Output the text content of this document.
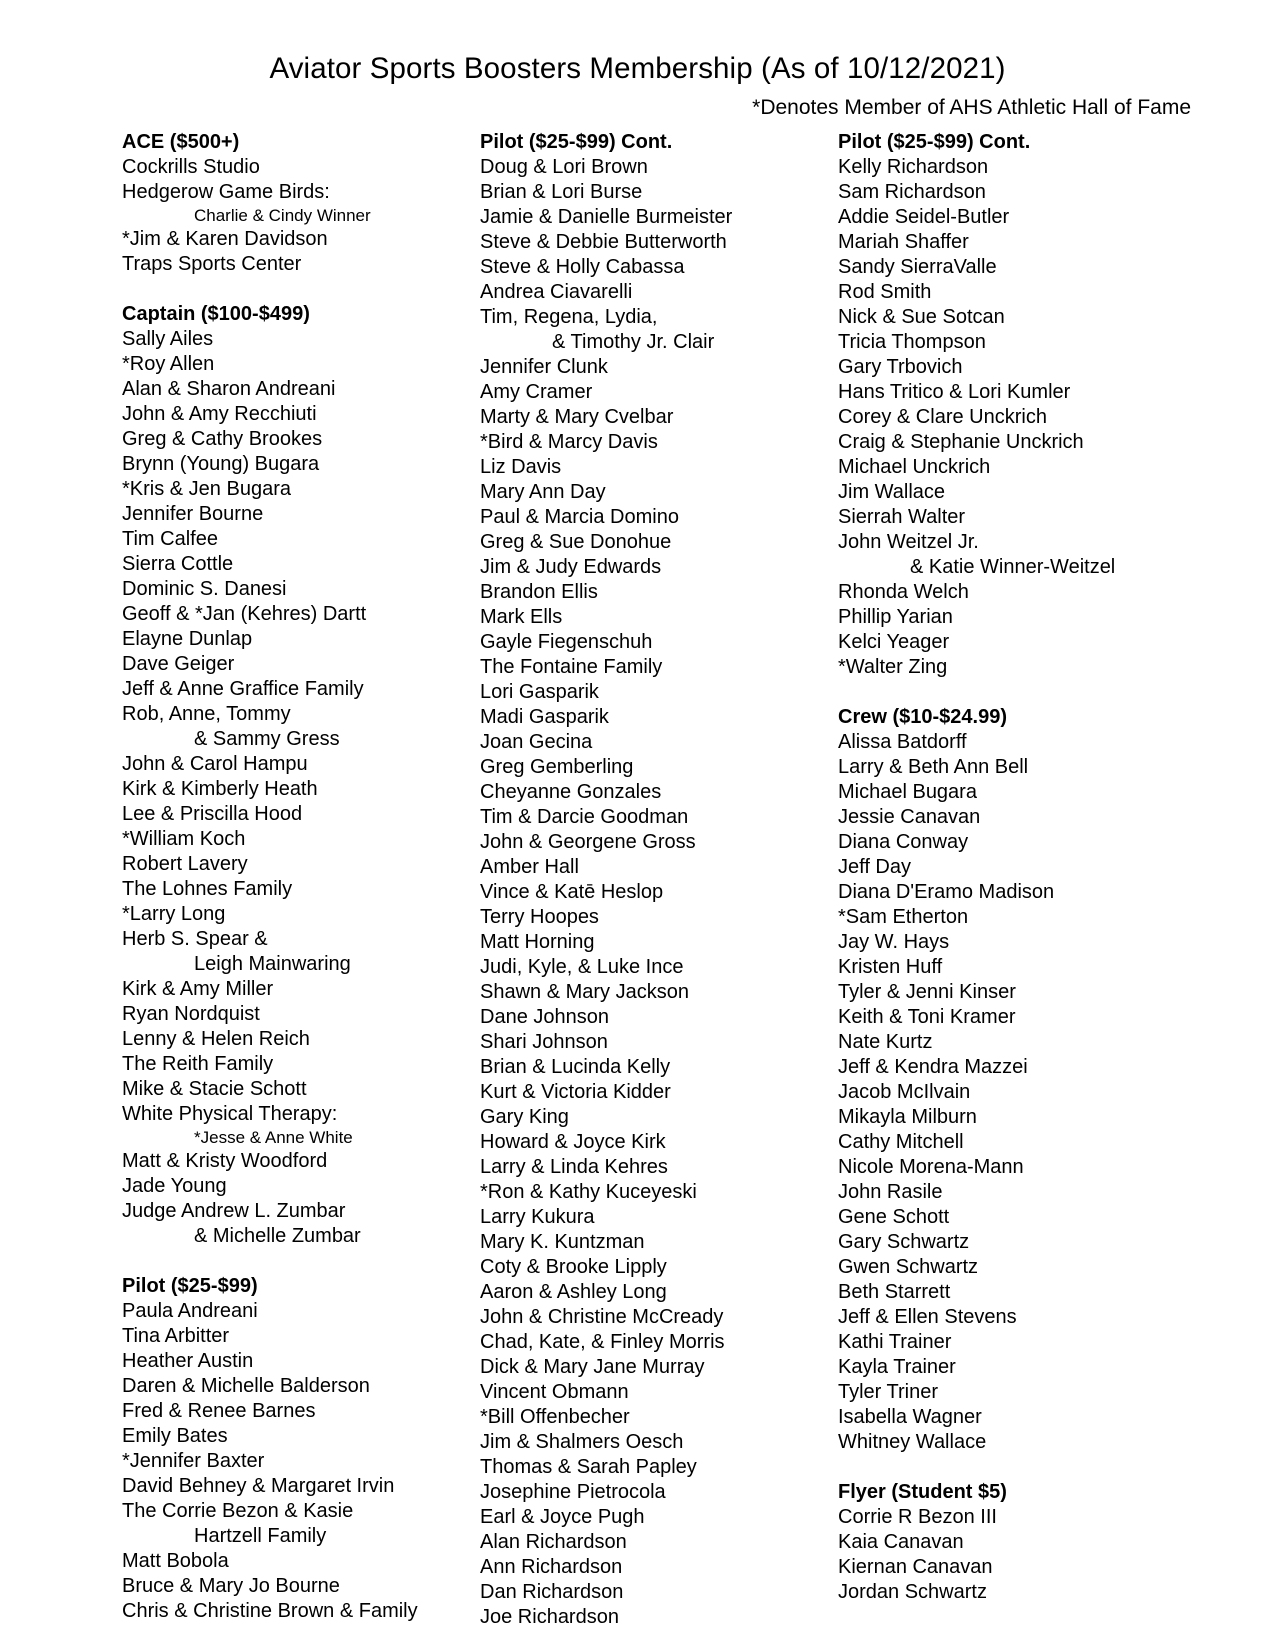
Aviator Sports Boosters Membership (As of 10/12/2021)
*Denotes Member of AHS Athletic Hall of Fame
ACE ($500+)
Cockrills Studio
Hedgerow Game Birds:
Charlie & Cindy Winner
*Jim & Karen Davidson
Traps Sports Center
Captain ($100-$499)
Sally Ailes
*Roy Allen
Alan & Sharon Andreani
John & Amy Recchiuti
Greg & Cathy Brookes
Brynn (Young) Bugara
*Kris & Jen Bugara
Jennifer Bourne
Tim Calfee
Sierra Cottle
Dominic S. Danesi
Geoff & *Jan (Kehres) Dartt
Elayne Dunlap
Dave Geiger
Jeff & Anne Graffice Family
Rob, Anne, Tommy
& Sammy Gress
John & Carol Hampu
Kirk & Kimberly Heath
Lee & Priscilla Hood
*William Koch
Robert Lavery
The Lohnes Family
*Larry Long
Herb S. Spear &
Leigh Mainwaring
Kirk & Amy Miller
Ryan Nordquist
Lenny & Helen Reich
The Reith Family
Mike & Stacie Schott
White Physical Therapy:
*Jesse & Anne White
Matt & Kristy Woodford
Jade Young
Judge Andrew L. Zumbar
& Michelle Zumbar
Pilot ($25-$99)
Paula Andreani
Tina Arbitter
Heather Austin
Daren & Michelle Balderson
Fred & Renee Barnes
Emily Bates
*Jennifer Baxter
David Behney & Margaret Irvin
The Corrie Bezon & Kasie
Hartzell Family
Matt Bobola
Bruce & Mary Jo Bourne
Chris & Christine Brown & Family
Pilot ($25-$99) Cont.
Doug & Lori Brown
Brian & Lori Burse
Jamie & Danielle Burmeister
Steve & Debbie Butterworth
Steve & Holly Cabassa
Andrea Ciavarelli
Tim, Regena, Lydia,
& Timothy Jr. Clair
Jennifer Clunk
Amy Cramer
Marty & Mary Cvelbar
*Bird & Marcy Davis
Liz Davis
Mary Ann Day
Paul & Marcia Domino
Greg & Sue Donohue
Jim & Judy Edwards
Brandon Ellis
Mark Ells
Gayle Fiegenschuh
The Fontaine Family
Lori Gasparik
Madi Gasparik
Joan Gecina
Greg Gemberling
Cheyanne Gonzales
Tim & Darcie Goodman
John & Georgene Gross
Amber Hall
Vince & Katē Heslop
Terry Hoopes
Matt Horning
Judi, Kyle, & Luke Ince
Shawn & Mary Jackson
Dane Johnson
Shari Johnson
Brian & Lucinda Kelly
Kurt & Victoria Kidder
Gary King
Howard & Joyce Kirk
Larry & Linda Kehres
*Ron & Kathy Kuceyeski
Larry Kukura
Mary K. Kuntzman
Coty & Brooke Lipply
Aaron & Ashley Long
John & Christine McCready
Chad, Kate, & Finley Morris
Dick & Mary Jane Murray
Vincent Obmann
*Bill Offenbecher
Jim & Shalmers Oesch
Thomas & Sarah Papley
Josephine Pietrocola
Earl & Joyce Pugh
Alan Richardson
Ann Richardson
Dan Richardson
Joe Richardson
Pilot ($25-$99) Cont.
Kelly Richardson
Sam Richardson
Addie Seidel-Butler
Mariah Shaffer
Sandy SierraValle
Rod Smith
Nick & Sue Sotcan
Tricia Thompson
Gary Trbovich
Hans Tritico & Lori Kumler
Corey & Clare Unckrich
Craig & Stephanie Unckrich
Michael Unckrich
Jim Wallace
Sierrah Walter
John Weitzel Jr.
& Katie Winner-Weitzel
Rhonda Welch
Phillip Yarian
Kelci Yeager
*Walter Zing
Crew ($10-$24.99)
Alissa Batdorff
Larry & Beth Ann Bell
Michael Bugara
Jessie Canavan
Diana Conway
Jeff Day
Diana D'Eramo Madison
*Sam Etherton
Jay W. Hays
Kristen Huff
Tyler & Jenni Kinser
Keith & Toni Kramer
Nate Kurtz
Jeff & Kendra Mazzei
Jacob McIlvain
Mikayla Milburn
Cathy Mitchell
Nicole Morena-Mann
John Rasile
Gene Schott
Gary Schwartz
Gwen Schwartz
Beth Starrett
Jeff & Ellen Stevens
Kathi Trainer
Kayla Trainer
Tyler Triner
Isabella Wagner
Whitney Wallace
Flyer (Student $5)
Corrie R Bezon III
Kaia Canavan
Kiernan Canavan
Jordan Schwartz
